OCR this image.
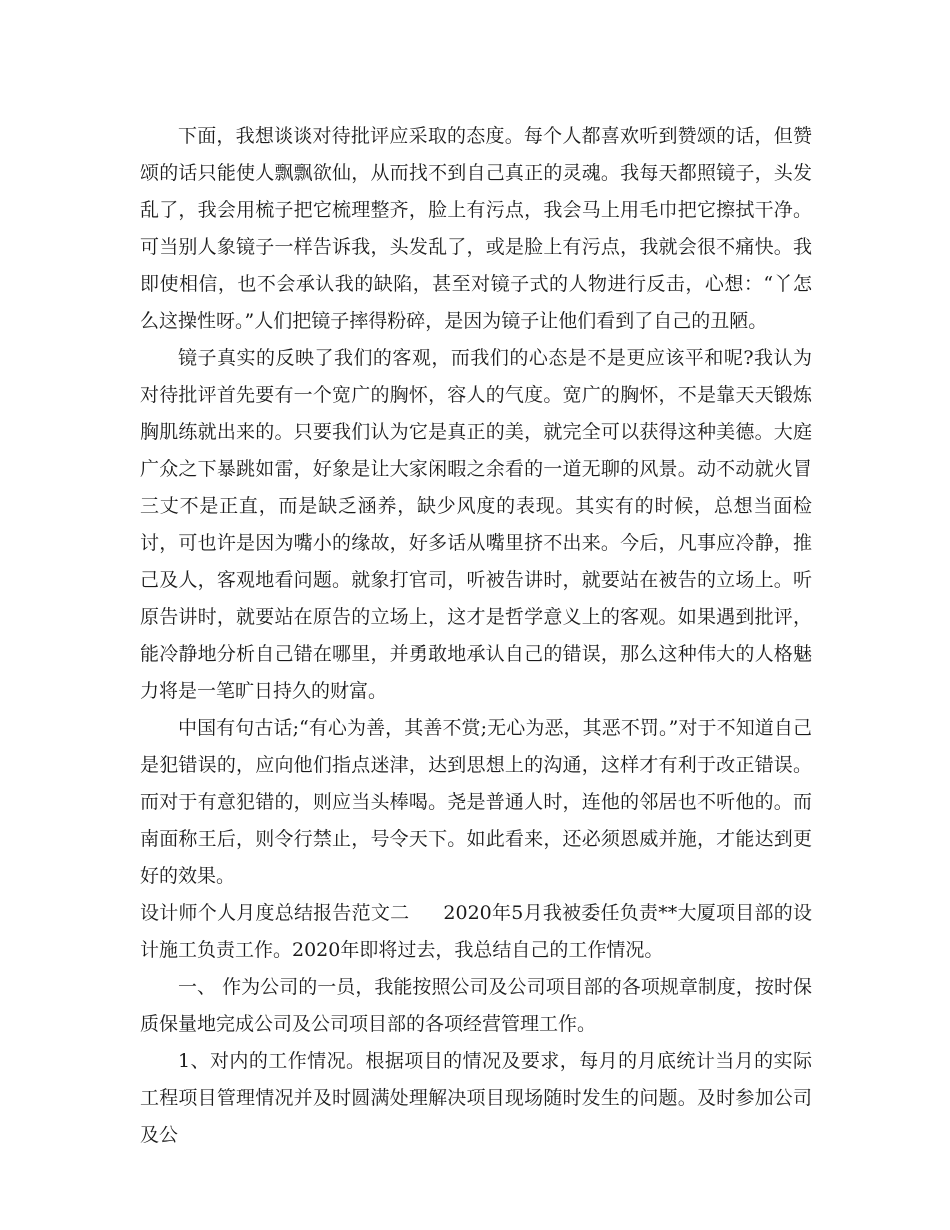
下面，我想谈谈对待批评应采取的态度。每个人都喜欢听到赞颂的话，但赞颂的话只能使人飘飘欲仙，从而找不到自己真正的灵魂。我每天都照镜子，头发乱了，我会用梳子把它梳理整齐，脸上有污点，我会马上用毛巾把它擦拭干净。可当别人象镜子一样告诉我，头发乱了，或是脸上有污点，我就会很不痛快。我即使相信，也不会承认我的缺陷，甚至对镜子式的人物进行反击，心想：“丫怎么这操性呀。”人们把镜子摔得粉碎，是因为镜子让他们看到了自己的丑陋。

镜子真实的反映了我们的客观，而我们的心态是不是更应该平和呢?我认为对待批评首先要有一个宽广的胸怀，容人的气度。宽广的胸怀，不是靠天天锻炼胸肌练就出来的。只要我们认为它是真正的美，就完全可以获得这种美德。大庭广众之下暴跳如雷，好象是让大家闲暇之余看的一道无聊的风景。动不动就火冒三丈不是正直，而是缺乏涵养，缺少风度的表现。其实有的时候，总想当面检讨，可也许是因为嘴小的缘故，好多话从嘴里挤不出来。今后，凡事应冷静，推己及人，客观地看问题。就象打官司，听被告讲时，就要站在被告的立场上。听原告讲时，就要站在原告的立场上，这才是哲学意义上的客观。如果遇到批评，能冷静地分析自己错在哪里，并勇敢地承认自己的错误，那么这种伟大的人格魅力将是一笔旷日持久的财富。

中国有句古话;“有心为善，其善不赏;无心为恶，其恶不罚。”对于不知道自己是犯错误的，应向他们指点迷津，达到思想上的沟通，这样才有利于改正错误。而对于有意犯错的，则应当头棒喝。尧是普通人时，连他的邻居也不听他的。而南面称王后，则令行禁止，号令天下。如此看来，还必须恩威并施，才能达到更好的效果。

设计师个人月度总结报告范文二 2020年5月我被委任负责**大厦项目部的设计施工负责工作。2020年即将过去，我总结自己的工作情况。

一、 作为公司的一员，我能按照公司及公司项目部的各项规章制度，按时保质保量地完成公司及公司项目部的各项经营管理工作。

1、对内的工作情况。根据项目的情况及要求，每月的月底统计当月的实际工程项目管理情况并及时圆满处理解决项目现场随时发生的问题。及时参加公司及公
